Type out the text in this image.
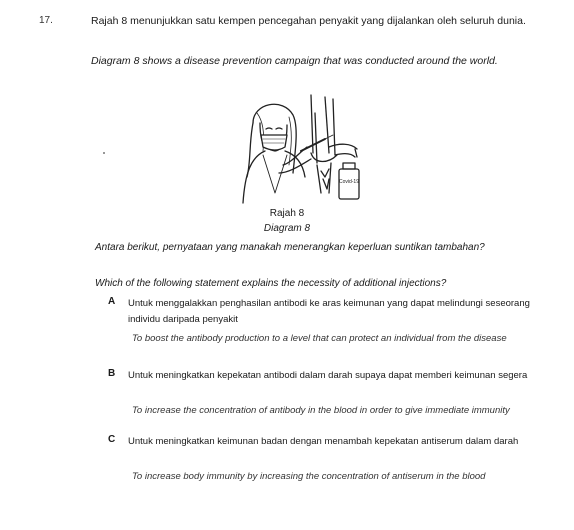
17.	Rajah 8 menunjukkan satu kempen pencegahan penyakit yang dijalankan oleh seluruh dunia.
Diagram 8 shows a disease prevention campaign that was conducted around the world.
Covid-19
Rajah 8
Diagram 8
Antara berikut, pernyataan yang manakah menerangkan keperluan suntikan tambahan?
Which of the following statement explains the necessity of additional injections?
A Untuk menggalakkan penghasilan antibodi ke aras keimunan yang dapat melindungi seseorang individu daripada penyakit
To boost the antibody production to a level that can protect an individual from the disease
B Untuk meningkatkan kepekatan antibodi dalam darah supaya dapat memberi keimunan segera
To increase the concentration of antibody in the blood in order to give immediate immunity
C Untuk meningkatkan keimunan badan dengan menambah kepekatan antiserum dalam darah
To increase body immunity by increasing the concentration of antiserum in the blood
